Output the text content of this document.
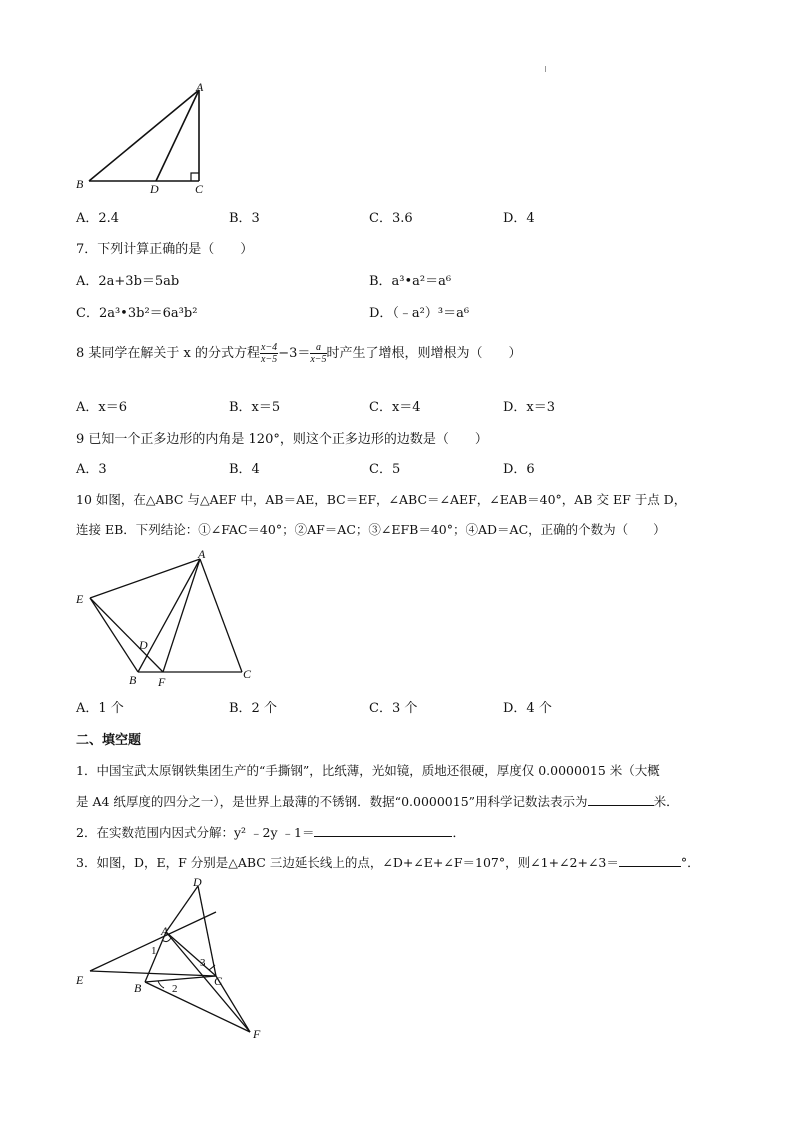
A
B	D	C
A．2.4	B．3	C．3.6	D．4
7．下列计算正确的是（　　）
A．2a+3b＝5ab	B．a³•a²＝a⁶
C．2a³•3b²＝6a³b²	D．（﹣a²）³＝a⁶
8 某同学在解关于 x 的分式方程 $\frac{x-4}{x-5} -3= \frac{a}{x-5}$ 时产生了增根，则增根为（　　）
A．x＝6	B．x＝5	C．x＝4	D．x＝3
9 已知一个正多边形的内角是 120°，则这个正多边形的边数是（　　）
A．3	B．4	C．5	D．6
10 如图，在△ABC 与△AEF 中，AB＝AE，BC＝EF，∠ABC＝∠AEF，∠EAB＝40°，AB 交 EF 于点 D，
连接 EB．下列结论：①∠FAC＝40°；②AF＝AC；③∠EFB＝40°；④AD＝AC，正确的个数为（　　）
A
E
D
B F
C
A．1 个	B．2 个	C．3 个	D．4 个
二、填空题
1．中国宝武太原钢铁集团生产的“手撕钢”，比纸薄，光如镜，质地还很硬，厚度仅 0.0000015 米（大概
是 A4 纸厚度的四分之一），是世界上最薄的不锈钢．数据“0.0000015”用科学记数法表示为	米．
2．在实数范围内因式分解：y² ﹣2y ﹣1＝	．
3．如图，D，E，F 分别是△ABC 三边延长线上的点，∠D+∠E+∠F＝107°，则∠1+∠2+∠3＝	°．
D
A
E
B	C
F
1
2
3
